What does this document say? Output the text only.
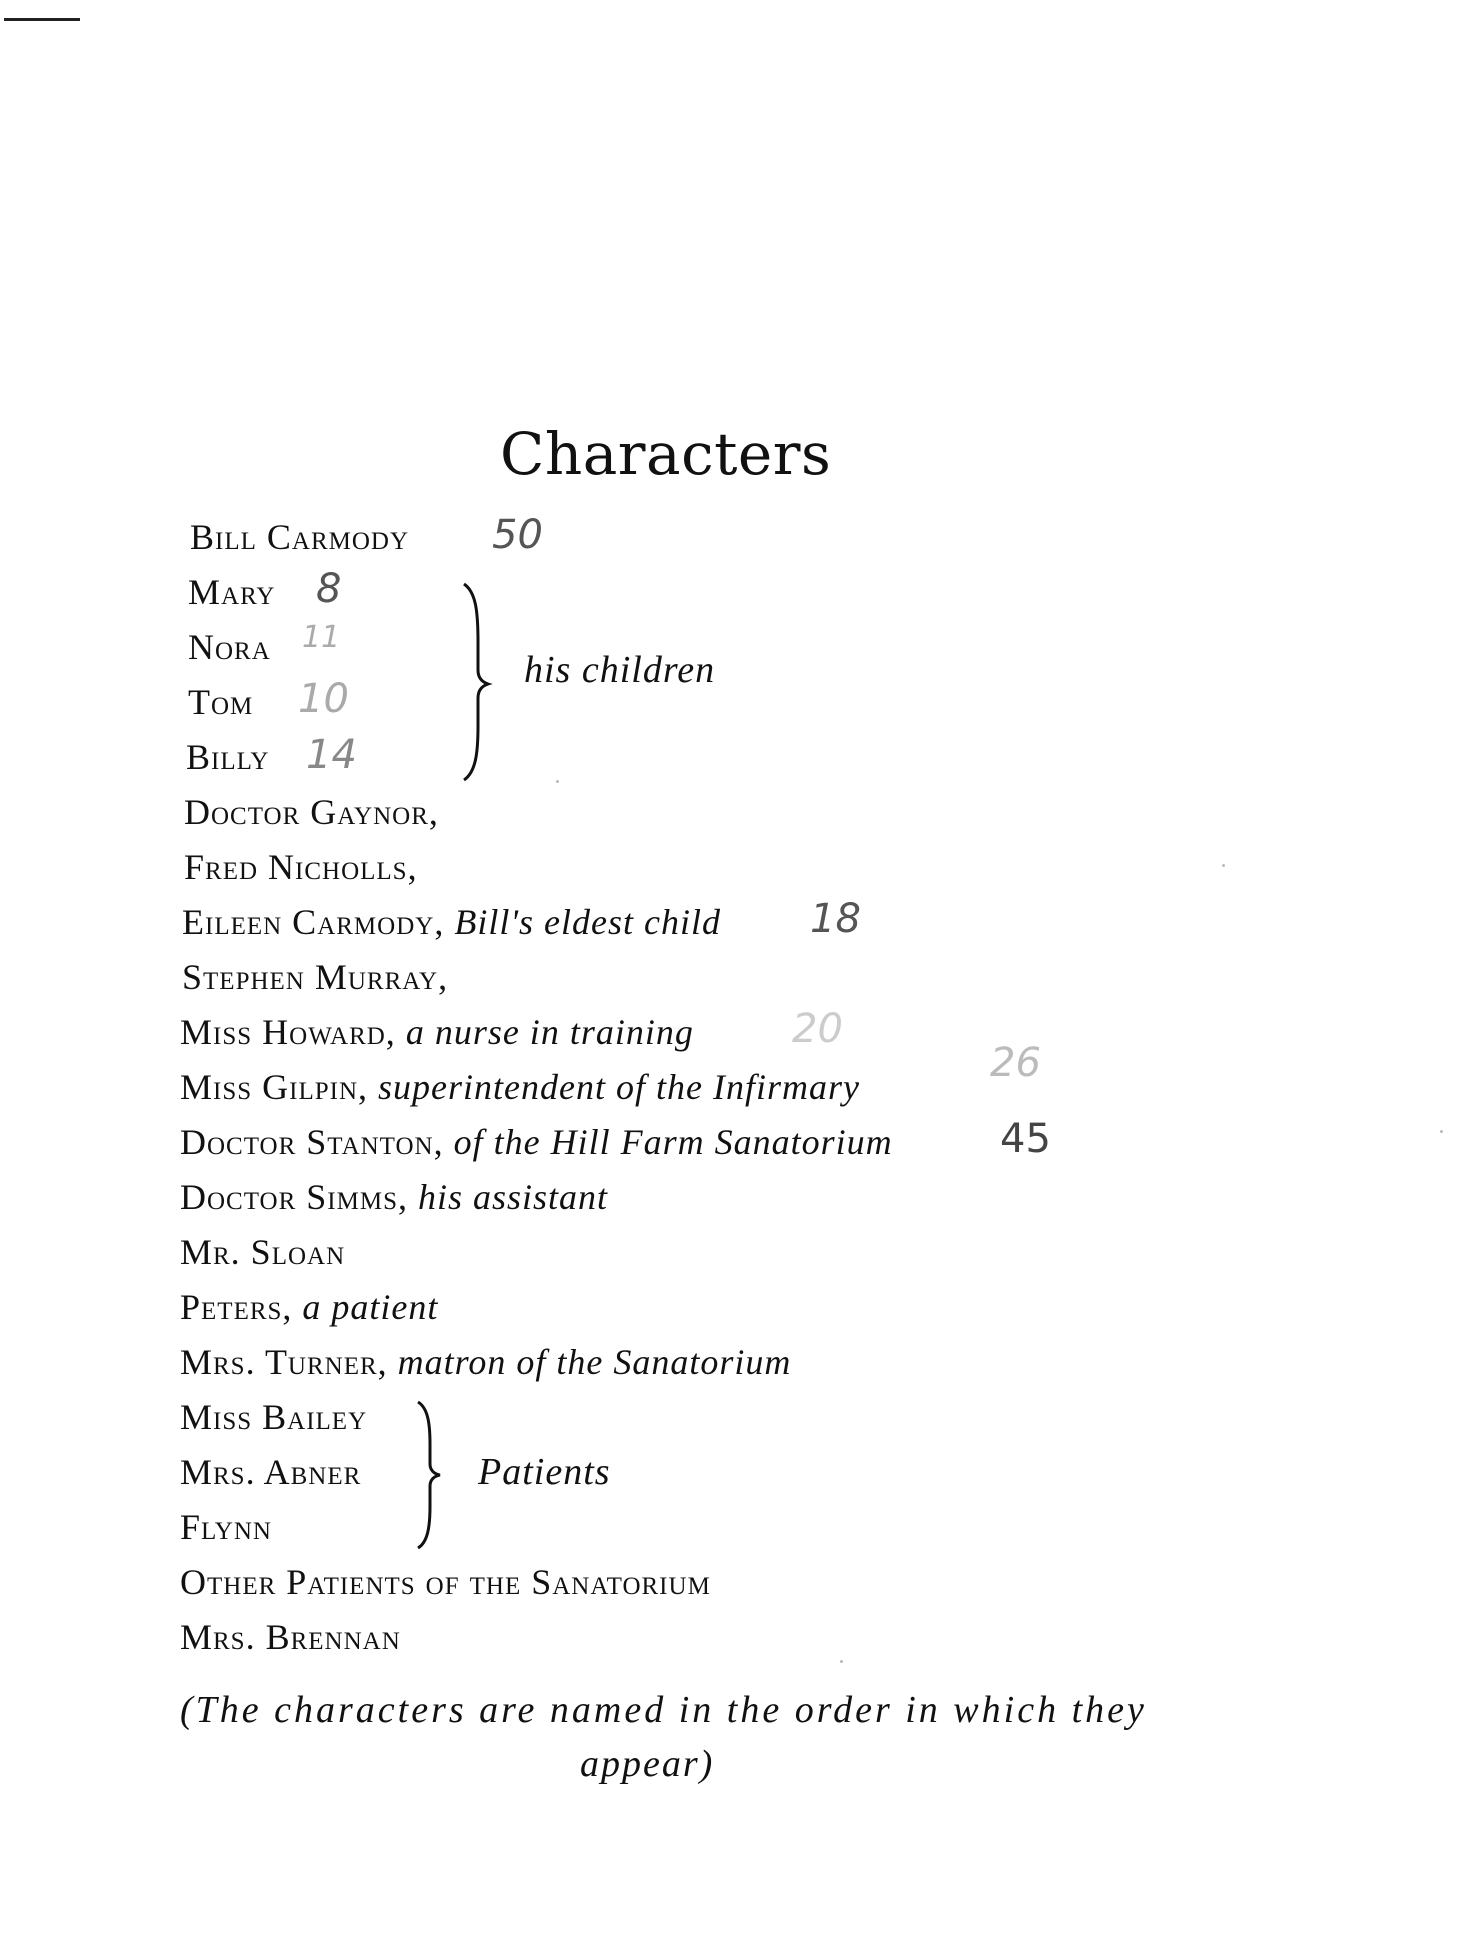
Characters
Bill Carmody 50
Mary 8
Nora 11
Tom 10
Billy 14
his children
Doctor Gaynor,
Fred Nicholls,
Eileen Carmody, Bill's eldest child 18
Stephen Murray,
Miss Howard, a nurse in training 20
Miss Gilpin, superintendent of the Infirmary
26
Doctor Stanton, of the Hill Farm Sanatorium	45
Doctor Simms, his assistant
Mr. Sloan
Peters, a patient
Mrs. Turner, matron of the Sanatorium
Miss Bailey
Mrs. Abner
Flynn
Patients
Other Patients of the Sanatorium
Mrs. Brennan
(The characters are named in the order in which they
appear)
